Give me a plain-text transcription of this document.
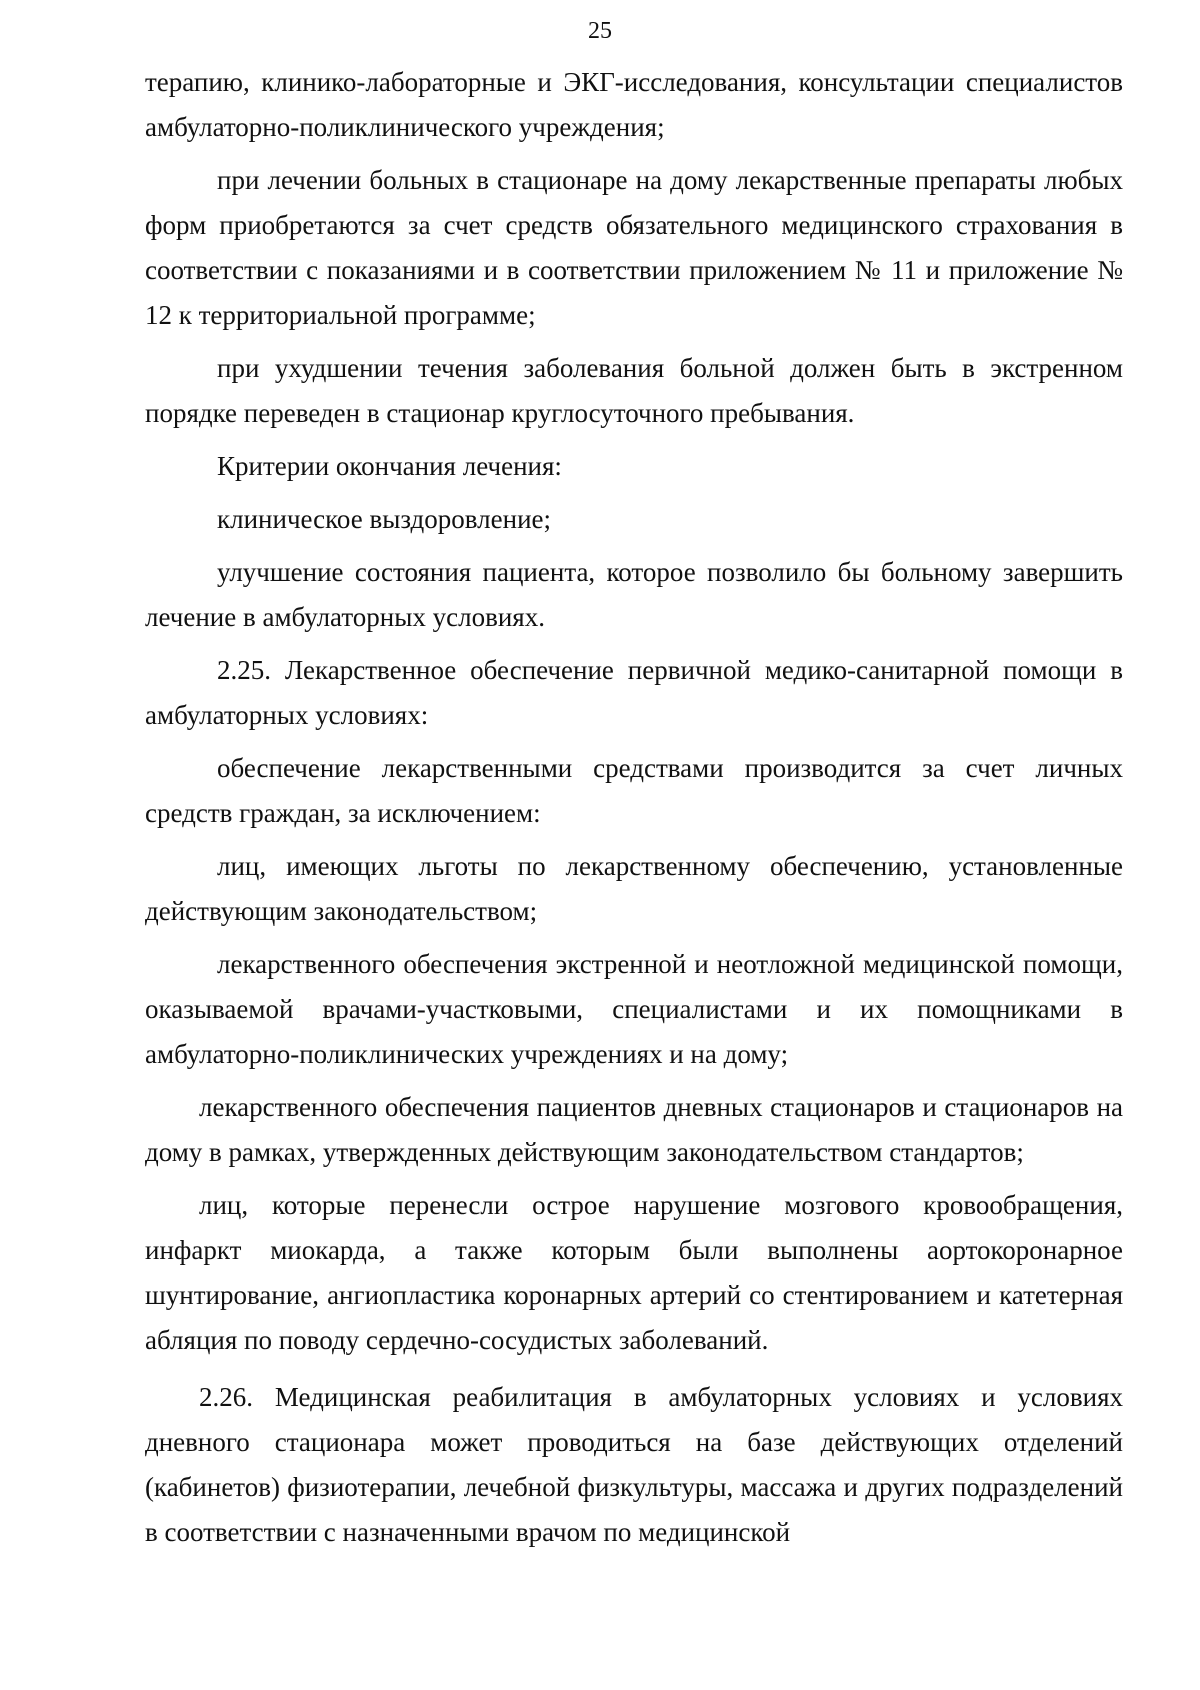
25

терапию, клинико-лабораторные и ЭКГ-исследования, консультации специалистов амбулаторно-поликлинического учреждения;

при лечении больных в стационаре на дому лекарственные препараты любых форм приобретаются за счет средств обязательного медицинского страхования в соответствии с показаниями и в соответствии приложением № 11 и приложение № 12 к территориальной программе;

при ухудшении течения заболевания больной должен быть в экстренном порядке переведен в стационар круглосуточного пребывания.

Критерии окончания лечения:

клиническое выздоровление;

улучшение состояния пациента, которое позволило бы больному завершить лечение в амбулаторных условиях.

2.25. Лекарственное обеспечение первичной медико-санитарной помощи в амбулаторных условиях:

обеспечение лекарственными средствами производится за счет личных средств граждан, за исключением:

лиц, имеющих льготы по лекарственному обеспечению, установленные действующим законодательством;

лекарственного обеспечения экстренной и неотложной медицинской помощи, оказываемой врачами-участковыми, специалистами и их помощниками в амбулаторно-поликлинических учреждениях и на дому;

лекарственного обеспечения пациентов дневных стационаров и стационаров на дому в рамках, утвержденных действующим законодательством стандартов;

лиц, которые перенесли острое нарушение мозгового кровообращения, инфаркт миокарда, а также которым были выполнены аортокоронарное шунтирование, ангиопластика коронарных артерий со стентированием и катетерная абляция по поводу сердечно-сосудистых заболеваний.

2.26. Медицинская реабилитация в амбулаторных условиях и условиях дневного стационара может проводиться на базе действующих отделений (кабинетов) физиотерапии, лечебной физкультуры, массажа и других подразделений в соответствии с назначенными врачом по медицинской
